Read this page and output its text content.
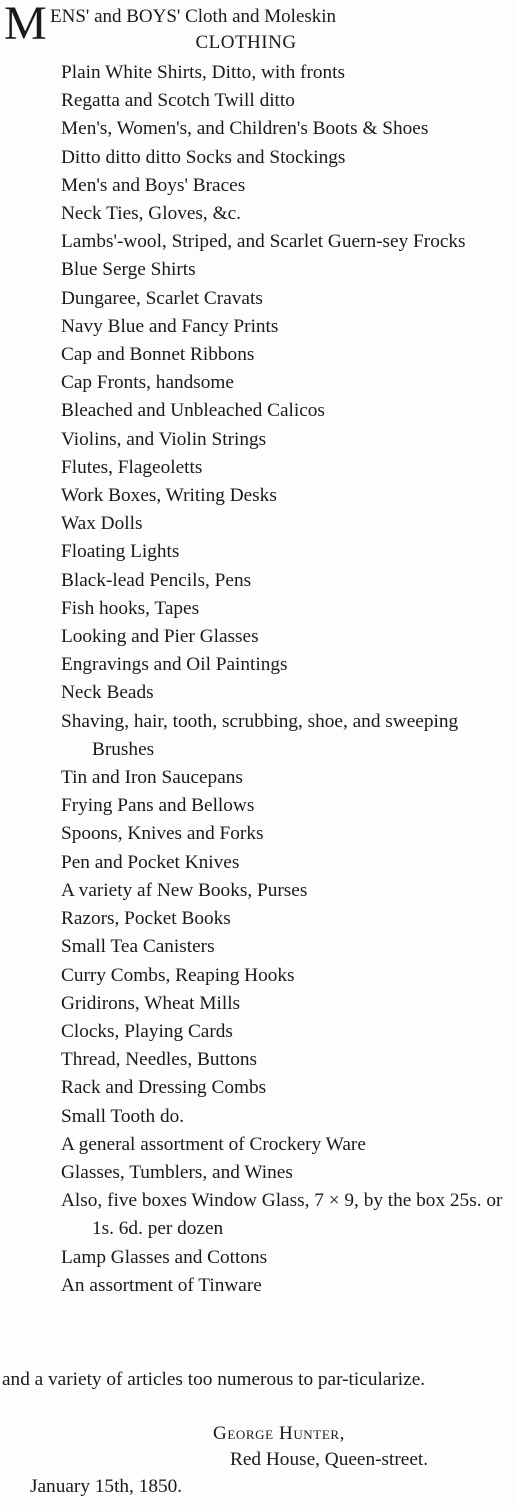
M ENS' and BOYS' Cloth and Moleskin
CLOTHING
Plain White Shirts, Ditto, with fronts
Regatta and Scotch Twill ditto
Men's, Women's, and Children's Boots & Shoes
Ditto ditto ditto Socks and Stockings
Men's and Boys' Braces
Neck Ties, Gloves, &c.
Lambs'-wool, Striped, and Scarlet Guern-sey Frocks
Blue Serge Shirts
Dungaree, Scarlet Cravats
Navy Blue and Fancy Prints
Cap and Bonnet Ribbons
Cap Fronts, handsome
Bleached and Unbleached Calicos
Violins, and Violin Strings
Flutes, Flageoletts
Work Boxes, Writing Desks
Wax Dolls
Floating Lights
Black-lead Pencils, Pens
Fish hooks, Tapes
Looking and Pier Glasses
Engravings and Oil Paintings
Neck Beads
Shaving, hair, tooth, scrubbing, shoe, and sweeping Brushes
Tin and Iron Saucepans
Frying Pans and Bellows
Spoons, Knives and Forks
Pen and Pocket Knives
A variety af New Books, Purses
Razors, Pocket Books
Small Tea Canisters
Curry Combs, Reaping Hooks
Gridirons, Wheat Mills
Clocks, Playing Cards
Thread, Needles, Buttons
Rack and Dressing Combs
Small Tooth do.
A general assortment of Crockery Ware
Glasses, Tumblers, and Wines
Also, five boxes Window Glass, 7 × 9, by the box 25s. or 1s. 6d. per dozen
Lamp Glasses and Cottons
An assortment of Tinware
and a variety of articles too numerous to par-ticularize.
George Hunter,
Red House, Queen-street.
January 15th, 1850.
